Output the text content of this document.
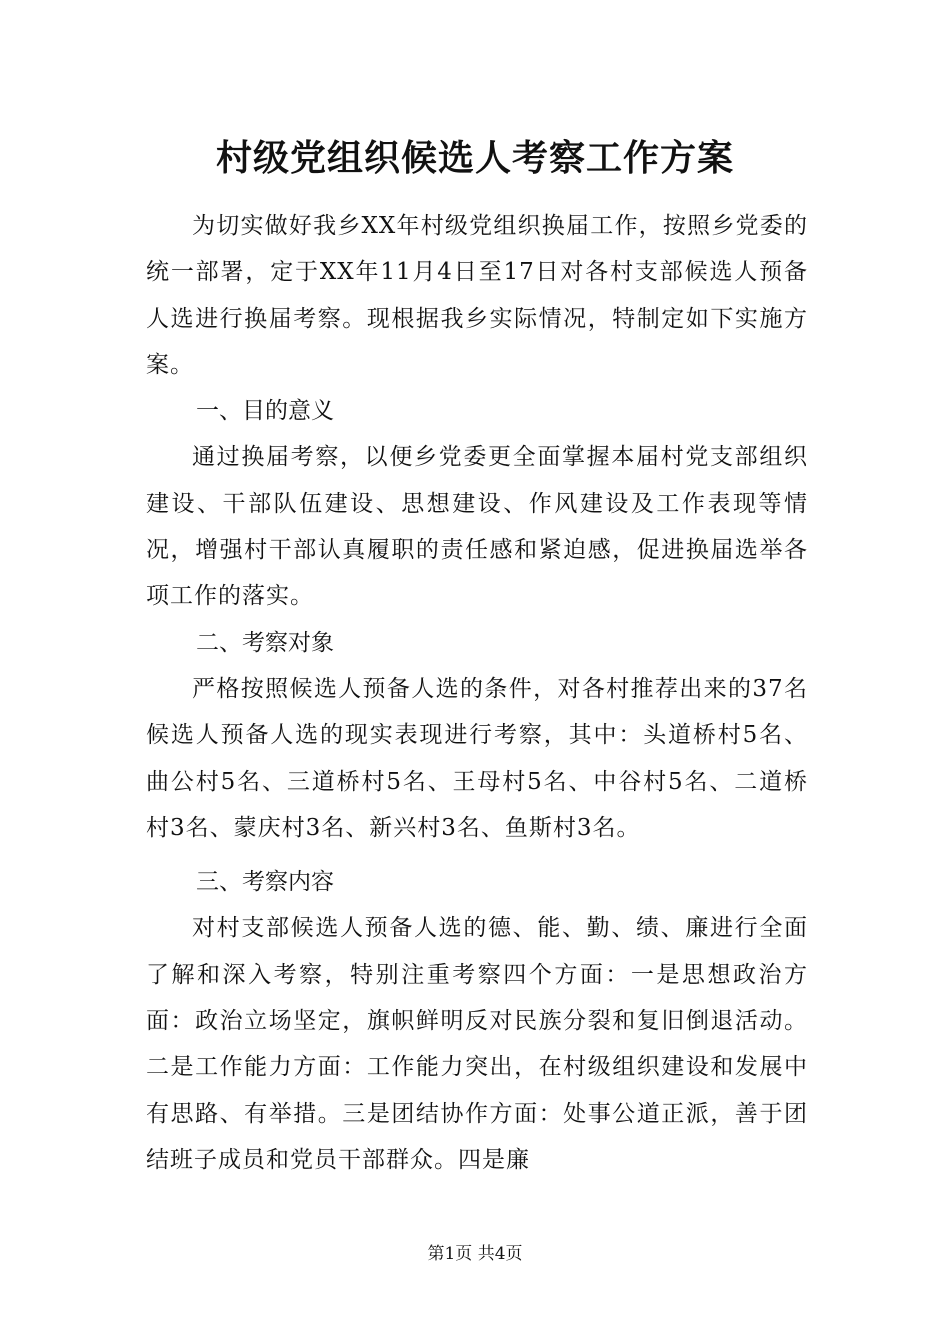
村级党组织候选人考察工作方案

为切实做好我乡XX年村级党组织换届工作，按照乡党委的统一部署，定于XX年11月4日至17日对各村支部候选人预备人选进行换届考察。现根据我乡实际情况，特制定如下实施方案。

一、目的意义

通过换届考察，以便乡党委更全面掌握本届村党支部组织建设、干部队伍建设、思想建设、作风建设及工作表现等情况，增强村干部认真履职的责任感和紧迫感，促进换届选举各项工作的落实。

二、考察对象

严格按照候选人预备人选的条件，对各村推荐出来的37名候选人预备人选的现实表现进行考察，其中：头道桥村5名、曲公村5名、三道桥村5名、王母村5名、中谷村5名、二道桥村3名、蒙庆村3名、新兴村3名、鱼斯村3名。

三、考察内容

对村支部候选人预备人选的德、能、勤、绩、廉进行全面了解和深入考察，特别注重考察四个方面：一是思想政治方面：政治立场坚定，旗帜鲜明反对民族分裂和复旧倒退活动。二是工作能力方面：工作能力突出，在村级组织建设和发展中有思路、有举措。三是团结协作方面：处事公道正派，善于团结班子成员和党员干部群众。四是廉

第1页 共4页
